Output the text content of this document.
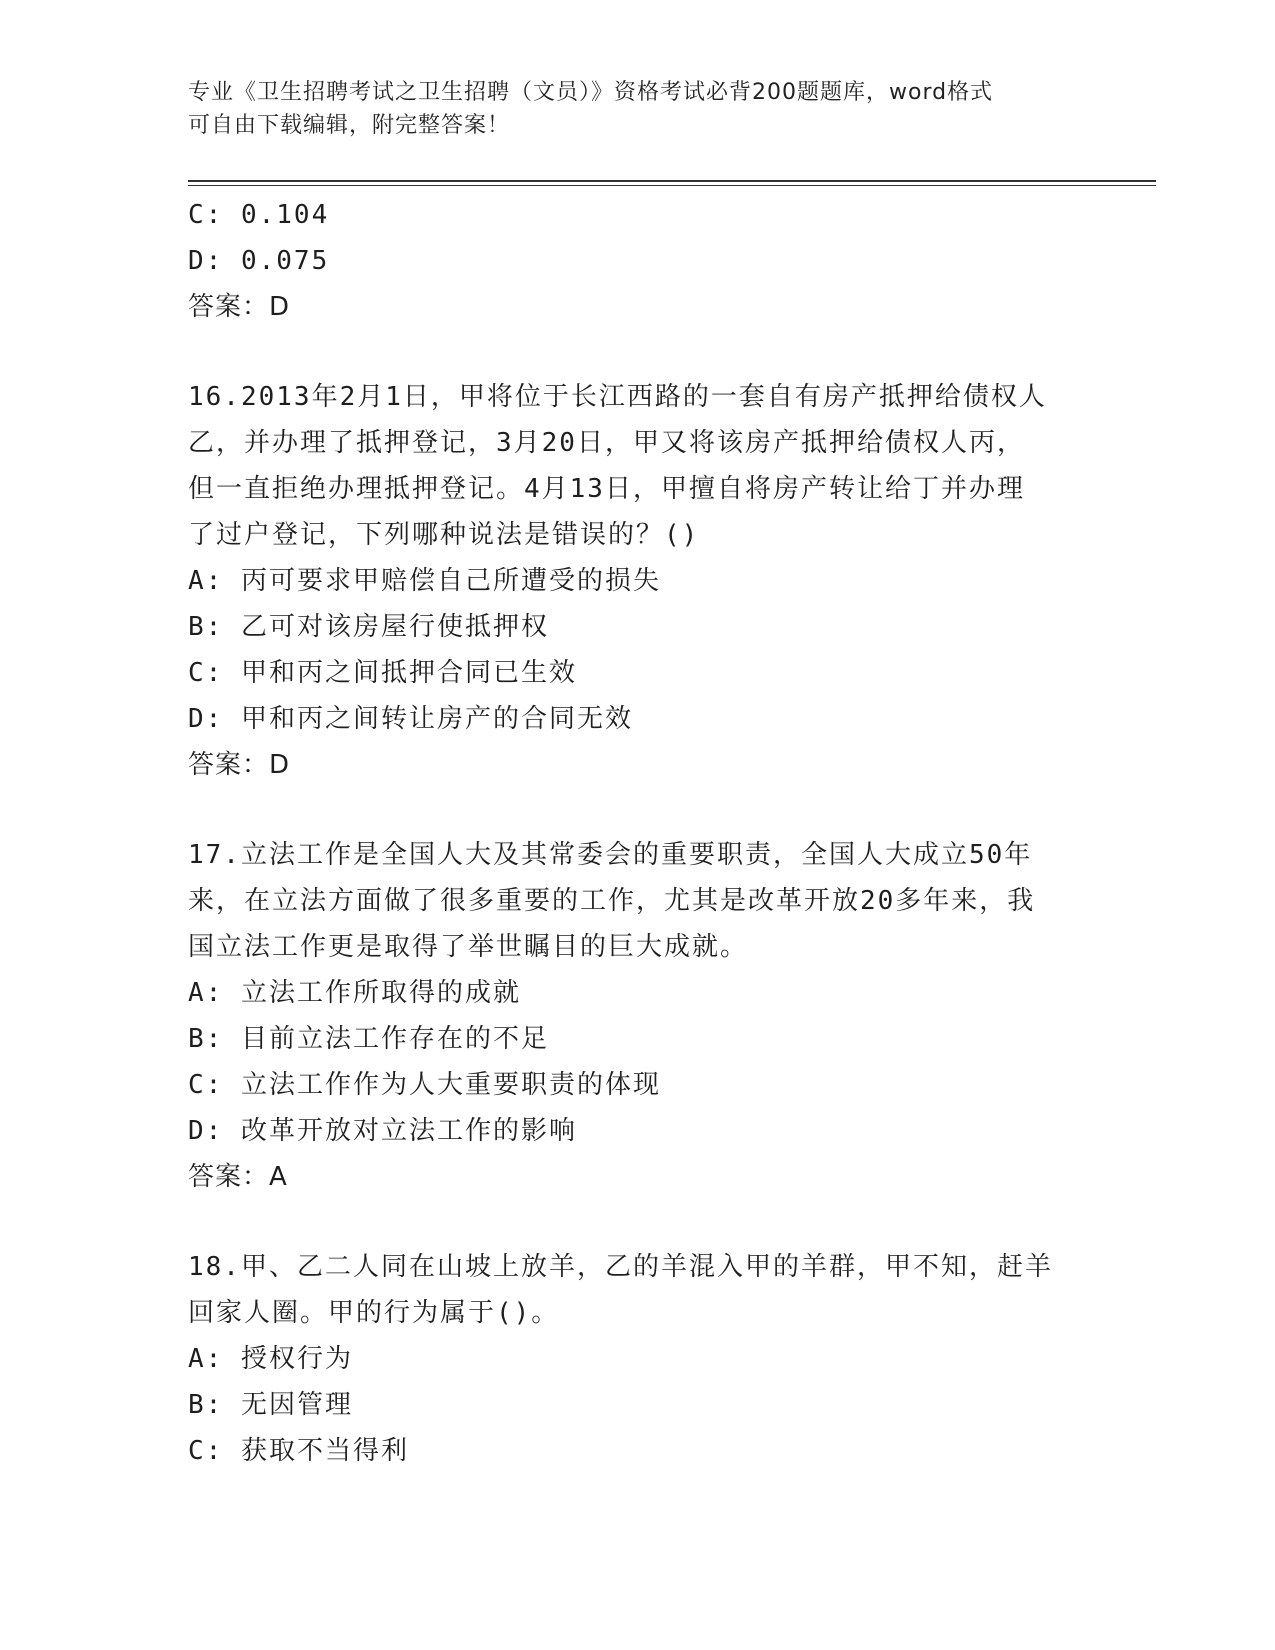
专业《卫生招聘考试之卫生招聘（文员）》资格考试必背200题题库，word格式
可自由下载编辑，附完整答案！
C: 0.104
D: 0.075
答案：D
16.2013年2月1日，甲将位于长江西路的一套自有房产抵押给债权人
乙，并办理了抵押登记，3月20日，甲又将该房产抵押给债权人丙，
但一直拒绝办理抵押登记。4月13日，甲擅自将房产转让给丁并办理
了过户登记，下列哪种说法是错误的？()
A: 丙可要求甲赔偿自己所遭受的损失
B: 乙可对该房屋行使抵押权
C: 甲和丙之间抵押合同已生效
D: 甲和丙之间转让房产的合同无效
答案：D
17.立法工作是全国人大及其常委会的重要职责，全国人大成立50年
来，在立法方面做了很多重要的工作，尤其是改革开放20多年来，我
国立法工作更是取得了举世瞩目的巨大成就。
A: 立法工作所取得的成就
B: 目前立法工作存在的不足
C: 立法工作作为人大重要职责的体现
D: 改革开放对立法工作的影响
答案：A
18.甲、乙二人同在山坡上放羊，乙的羊混入甲的羊群，甲不知，赶羊
回家人圈。甲的行为属于()。
A: 授权行为
B: 无因管理
C: 获取不当得利
